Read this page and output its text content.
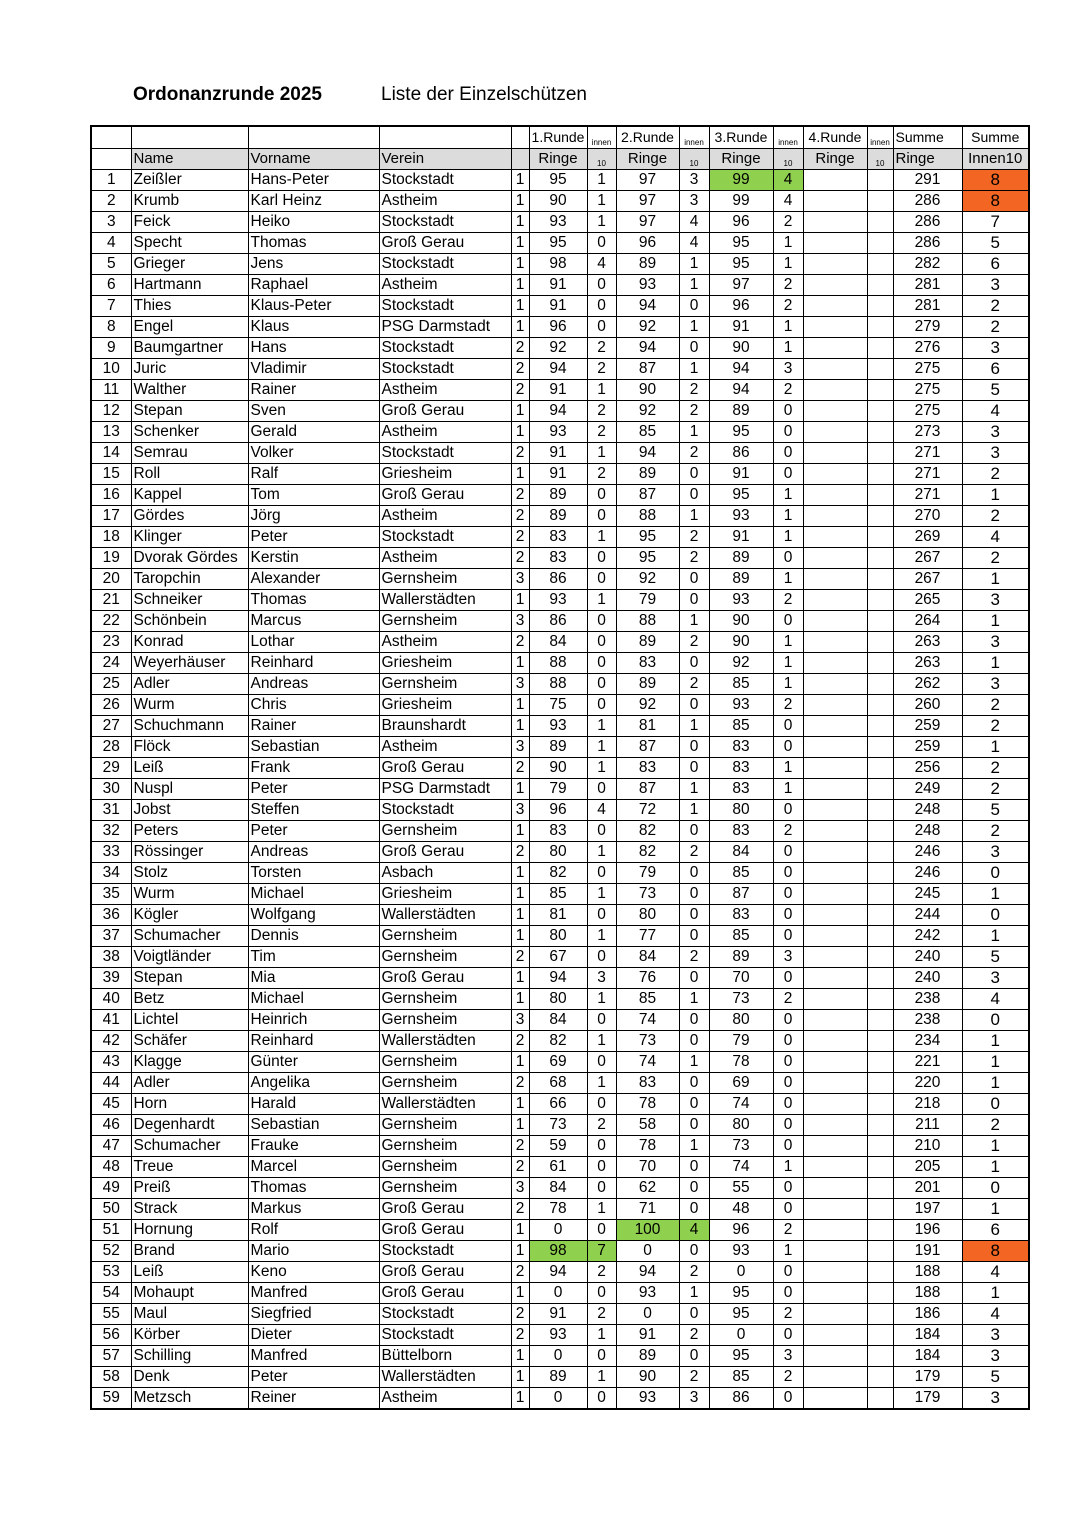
Ordonanzrunde 2025	Liste der Einzelschützen
					1.Runde	innen	2.Runde	innen	3.Runde	innen	4.Runde	innen	Summe	Summe
	Name	Vorname	Verein		Ringe	10	Ringe	10	Ringe	10	Ringe	10	Ringe	Innen10
1	Zeißler	Hans-Peter	Stockstadt	1	95	1	97	3	99	4			291	8
2	Krumb	Karl Heinz	Astheim	1	90	1	97	3	99	4			286	8
3	Feick	Heiko	Stockstadt	1	93	1	97	4	96	2			286	7
4	Specht	Thomas	Groß Gerau	1	95	0	96	4	95	1			286	5
5	Grieger	Jens	Stockstadt	1	98	4	89	1	95	1			282	6
6	Hartmann	Raphael	Astheim	1	91	0	93	1	97	2			281	3
7	Thies	Klaus-Peter	Stockstadt	1	91	0	94	0	96	2			281	2
8	Engel	Klaus	PSG Darmstadt	1	96	0	92	1	91	1			279	2
9	Baumgartner	Hans	Stockstadt	2	92	2	94	0	90	1			276	3
10	Juric	Vladimir	Stockstadt	2	94	2	87	1	94	3			275	6
11	Walther	Rainer	Astheim	2	91	1	90	2	94	2			275	5
12	Stepan	Sven	Groß Gerau	1	94	2	92	2	89	0			275	4
13	Schenker	Gerald	Astheim	1	93	2	85	1	95	0			273	3
14	Semrau	Volker	Stockstadt	2	91	1	94	2	86	0			271	3
15	Roll	Ralf	Griesheim	1	91	2	89	0	91	0			271	2
16	Kappel	Tom	Groß Gerau	2	89	0	87	0	95	1			271	1
17	Gördes	Jörg	Astheim	2	89	0	88	1	93	1			270	2
18	Klinger	Peter	Stockstadt	2	83	1	95	2	91	1			269	4
19	Dvorak Gördes	Kerstin	Astheim	2	83	0	95	2	89	0			267	2
20	Taropchin	Alexander	Gernsheim	3	86	0	92	0	89	1			267	1
21	Schneiker	Thomas	Wallerstädten	1	93	1	79	0	93	2			265	3
22	Schönbein	Marcus	Gernsheim	3	86	0	88	1	90	0			264	1
23	Konrad	Lothar	Astheim	2	84	0	89	2	90	1			263	3
24	Weyerhäuser	Reinhard	Griesheim	1	88	0	83	0	92	1			263	1
25	Adler	Andreas	Gernsheim	3	88	0	89	2	85	1			262	3
26	Wurm	Chris	Griesheim	1	75	0	92	0	93	2			260	2
27	Schuchmann	Rainer	Braunshardt	1	93	1	81	1	85	0			259	2
28	Flöck	Sebastian	Astheim	3	89	1	87	0	83	0			259	1
29	Leiß	Frank	Groß Gerau	2	90	1	83	0	83	1			256	2
30	Nuspl	Peter	PSG Darmstadt	1	79	0	87	1	83	1			249	2
31	Jobst	Steffen	Stockstadt	3	96	4	72	1	80	0			248	5
32	Peters	Peter	Gernsheim	1	83	0	82	0	83	2			248	2
33	Rössinger	Andreas	Groß Gerau	2	80	1	82	2	84	0			246	3
34	Stolz	Torsten	Asbach	1	82	0	79	0	85	0			246	0
35	Wurm	Michael	Griesheim	1	85	1	73	0	87	0			245	1
36	Kögler	Wolfgang	Wallerstädten	1	81	0	80	0	83	0			244	0
37	Schumacher	Dennis	Gernsheim	1	80	1	77	0	85	0			242	1
38	Voigtländer	Tim	Gernsheim	2	67	0	84	2	89	3			240	5
39	Stepan	Mia	Groß Gerau	1	94	3	76	0	70	0			240	3
40	Betz	Michael	Gernsheim	1	80	1	85	1	73	2			238	4
41	Lichtel	Heinrich	Gernsheim	3	84	0	74	0	80	0			238	0
42	Schäfer	Reinhard	Wallerstädten	2	82	1	73	0	79	0			234	1
43	Klagge	Günter	Gernsheim	1	69	0	74	1	78	0			221	1
44	Adler	Angelika	Gernsheim	2	68	1	83	0	69	0			220	1
45	Horn	Harald	Wallerstädten	1	66	0	78	0	74	0			218	0
46	Degenhardt	Sebastian	Gernsheim	1	73	2	58	0	80	0			211	2
47	Schumacher	Frauke	Gernsheim	2	59	0	78	1	73	0			210	1
48	Treue	Marcel	Gernsheim	2	61	0	70	0	74	1			205	1
49	Preiß	Thomas	Gernsheim	3	84	0	62	0	55	0			201	0
50	Strack	Markus	Groß Gerau	2	78	1	71	0	48	0			197	1
51	Hornung	Rolf	Groß Gerau	1	0	0	100	4	96	2			196	6
52	Brand	Mario	Stockstadt	1	98	7	0	0	93	1			191	8
53	Leiß	Keno	Groß Gerau	2	94	2	94	2	0	0			188	4
54	Mohaupt	Manfred	Groß Gerau	1	0	0	93	1	95	0			188	1
55	Maul	Siegfried	Stockstadt	2	91	2	0	0	95	2			186	4
56	Körber	Dieter	Stockstadt	2	93	1	91	2	0	0			184	3
57	Schilling	Manfred	Büttelborn	1	0	0	89	0	95	3			184	3
58	Denk	Peter	Wallerstädten	1	89	1	90	2	85	2			179	5
59	Metzsch	Reiner	Astheim	1	0	0	93	3	86	0			179	3
